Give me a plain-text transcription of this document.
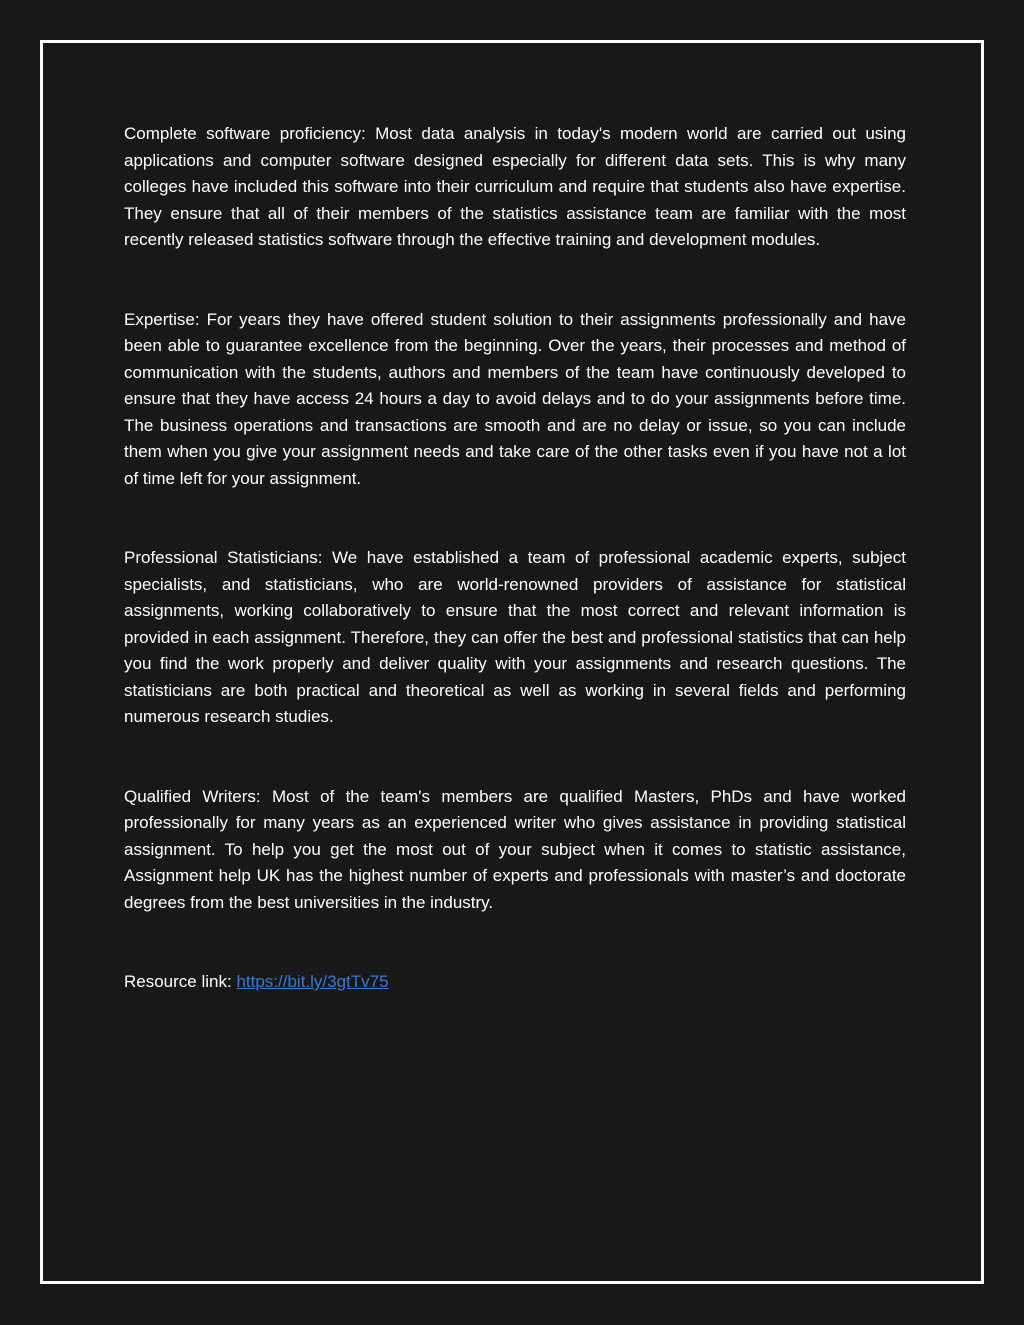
Complete software proficiency: Most data analysis in today's modern world are carried out using applications and computer software designed especially for different data sets. This is why many colleges have included this software into their curriculum and require that students also have expertise. They ensure that all of their members of the statistics assistance team are familiar with the most recently released statistics software through the effective training and development modules.

Expertise: For years they have offered student solution to their assignments professionally and have been able to guarantee excellence from the beginning. Over the years, their processes and method of communication with the students, authors and members of the team have continuously developed to ensure that they have access 24 hours a day to avoid delays and to do your assignments before time. The business operations and transactions are smooth and are no delay or issue, so you can include them when you give your assignment needs and take care of the other tasks even if you have not a lot of time left for your assignment.

Professional Statisticians: We have established a team of professional academic experts, subject specialists, and statisticians, who are world-renowned providers of assistance for statistical assignments, working collaboratively to ensure that the most correct and relevant information is provided in each assignment. Therefore, they can offer the best and professional statistics that can help you find the work properly and deliver quality with your assignments and research questions. The statisticians are both practical and theoretical as well as working in several fields and performing numerous research studies.

Qualified Writers: Most of the team's members are qualified Masters, PhDs and have worked professionally for many years as an experienced writer who gives assistance in providing statistical assignment. To help you get the most out of your subject when it comes to statistic assistance, Assignment help UK has the highest number of experts and professionals with master’s and doctorate degrees from the best universities in the industry.

Resource link: https://bit.ly/3gtTv75
